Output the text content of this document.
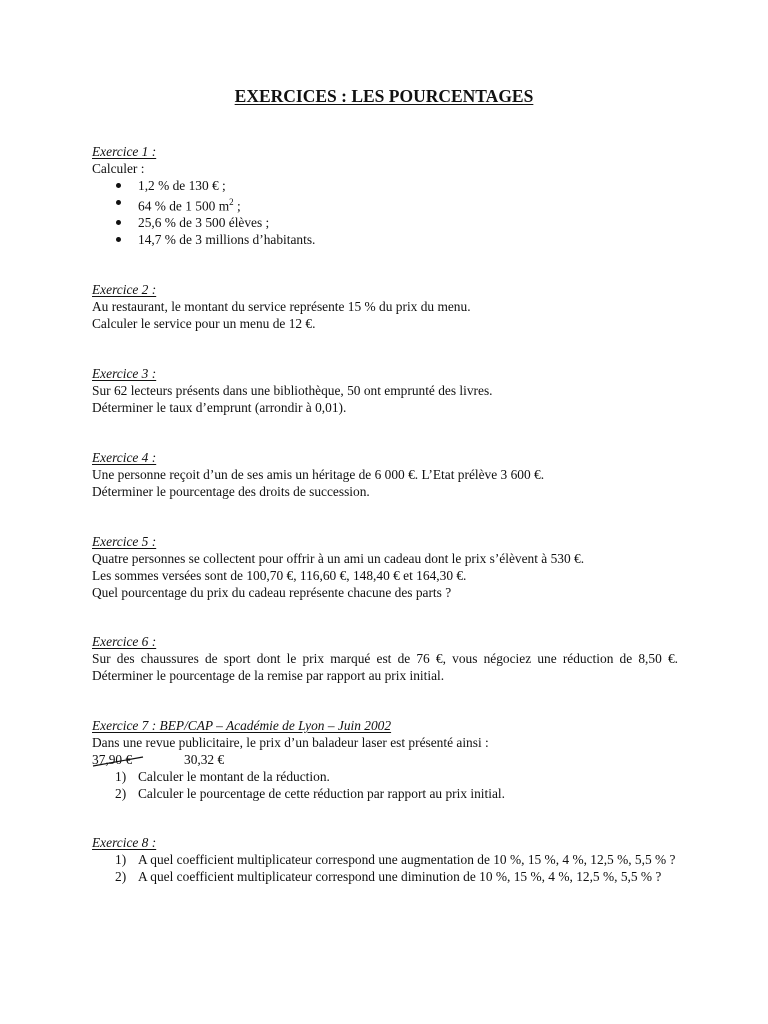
EXERCICES : LES POURCENTAGES
Exercice 1 :
Calculer :
1,2 % de 130 € ;
64 % de 1 500 $m^2$ ;
25,6 % de 3 500 élèves ;
14,7 % de 3 millions d’habitants.
Exercice 2 :
Au restaurant, le montant du service représente 15 % du prix du menu.
Calculer le service pour un menu de 12 €.
Exercice 3 :
Sur 62 lecteurs présents dans une bibliothèque, 50 ont emprunté des livres.
Déterminer le taux d’emprunt (arrondir à 0,01).
Exercice 4 :
Une personne reçoit d’un de ses amis un héritage de 6 000 €. L’Etat prélève 3 600 €.
Déterminer le pourcentage des droits de succession.
Exercice 5 :
Quatre personnes se collectent pour offrir à un ami un cadeau dont le prix s’élèvent à 530 €.
Les sommes versées sont de 100,70 €, 116,60 €, 148,40 € et 164,30 €.
Quel pourcentage du prix du cadeau représente chacune des parts ?
Exercice 6 :
Sur des chaussures de sport dont le prix marqué est de 76 €, vous négociez une réduction de 8,50 €. Déterminer le pourcentage de la remise par rapport au prix initial.
Exercice 7 : BEP/CAP – Académie de Lyon – Juin 2002
Dans une revue publicitaire, le prix d’un baladeur laser est présenté ainsi :
37,90 €	30,32 €
1) Calculer le montant de la réduction.
2) Calculer le pourcentage de cette réduction par rapport au prix initial.
Exercice 8 :
1) A quel coefficient multiplicateur correspond une augmentation de 10 %, 15 %, 4 %, 12,5 %, 5,5 % ?
2) A quel coefficient multiplicateur correspond une diminution de 10 %, 15 %, 4 %, 12,5 %, 5,5 % ?
